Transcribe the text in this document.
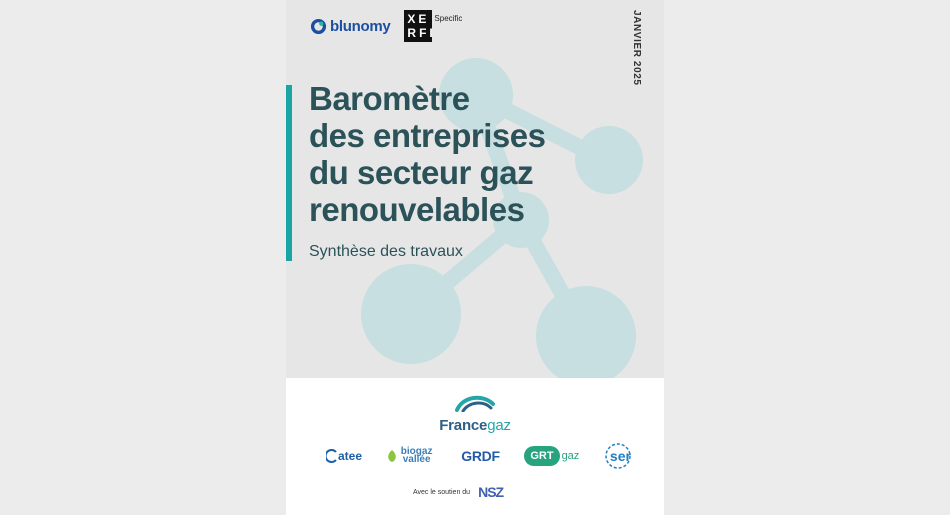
blunomy XE
RFI
Specific	JANVIER 2025
Baromètre
des entreprises
du secteur gaz
renouvelables
Synthèse des travaux
Francegaz
atee	biogaz vallée	GRDF	GRT gaz ser
Avec le soutien du NSZ
